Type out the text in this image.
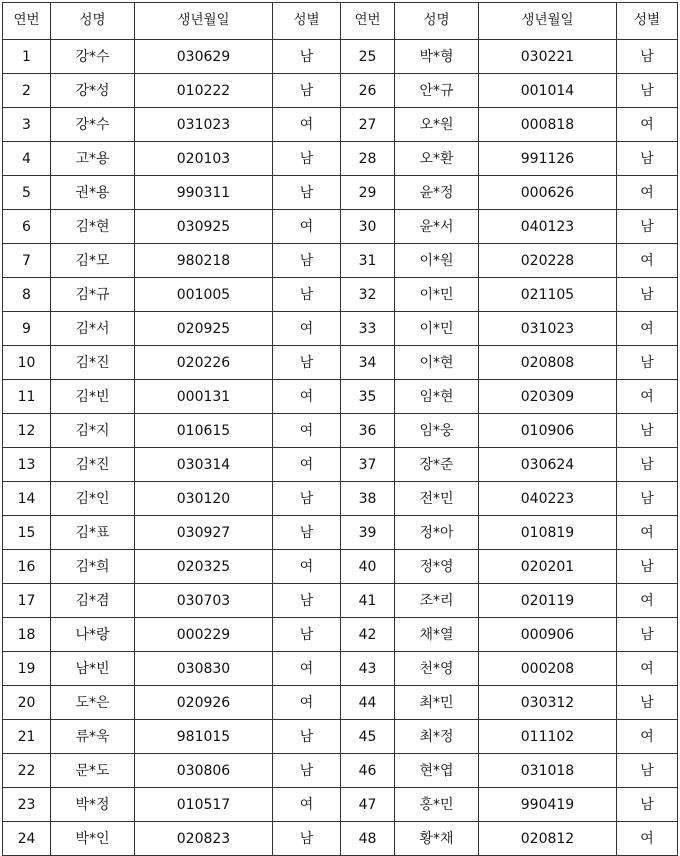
연번	성명	생년월일	성별	연번	성명	생년월일	성별
1	강*수	030629	남	25	박*형	030221	남
2	강*성	010222	남	26	안*규	001014	남
3	강*수	031023	여	27	오*원	000818	여
4	고*용	020103	남	28	오*환	991126	남
5	권*용	990311	남	29	윤*정	000626	여
6	김*현	030925	여	30	윤*서	040123	남
7	김*모	980218	남	31	이*원	020228	여
8	김*규	001005	남	32	이*민	021105	남
9	김*서	020925	여	33	이*민	031023	여
10	김*진	020226	남	34	이*현	020808	남
11	김*빈	000131	여	35	임*현	020309	여
12	김*지	010615	여	36	임*웅	010906	남
13	김*진	030314	여	37	장*준	030624	남
14	김*인	030120	남	38	전*민	040223	남
15	김*표	030927	남	39	정*아	010819	여
16	김*희	020325	여	40	정*영	020201	남
17	김*겸	030703	남	41	조*리	020119	여
18	나*랑	000229	남	42	채*열	000906	남
19	남*빈	030830	여	43	천*영	000208	여
20	도*은	020926	여	44	최*민	030312	남
21	류*욱	981015	남	45	최*정	011102	여
22	문*도	030806	남	46	현*엽	031018	남
23	박*정	010517	여	47	홍*민	990419	남
24	박*인	020823	남	48	황*채	020812	여
